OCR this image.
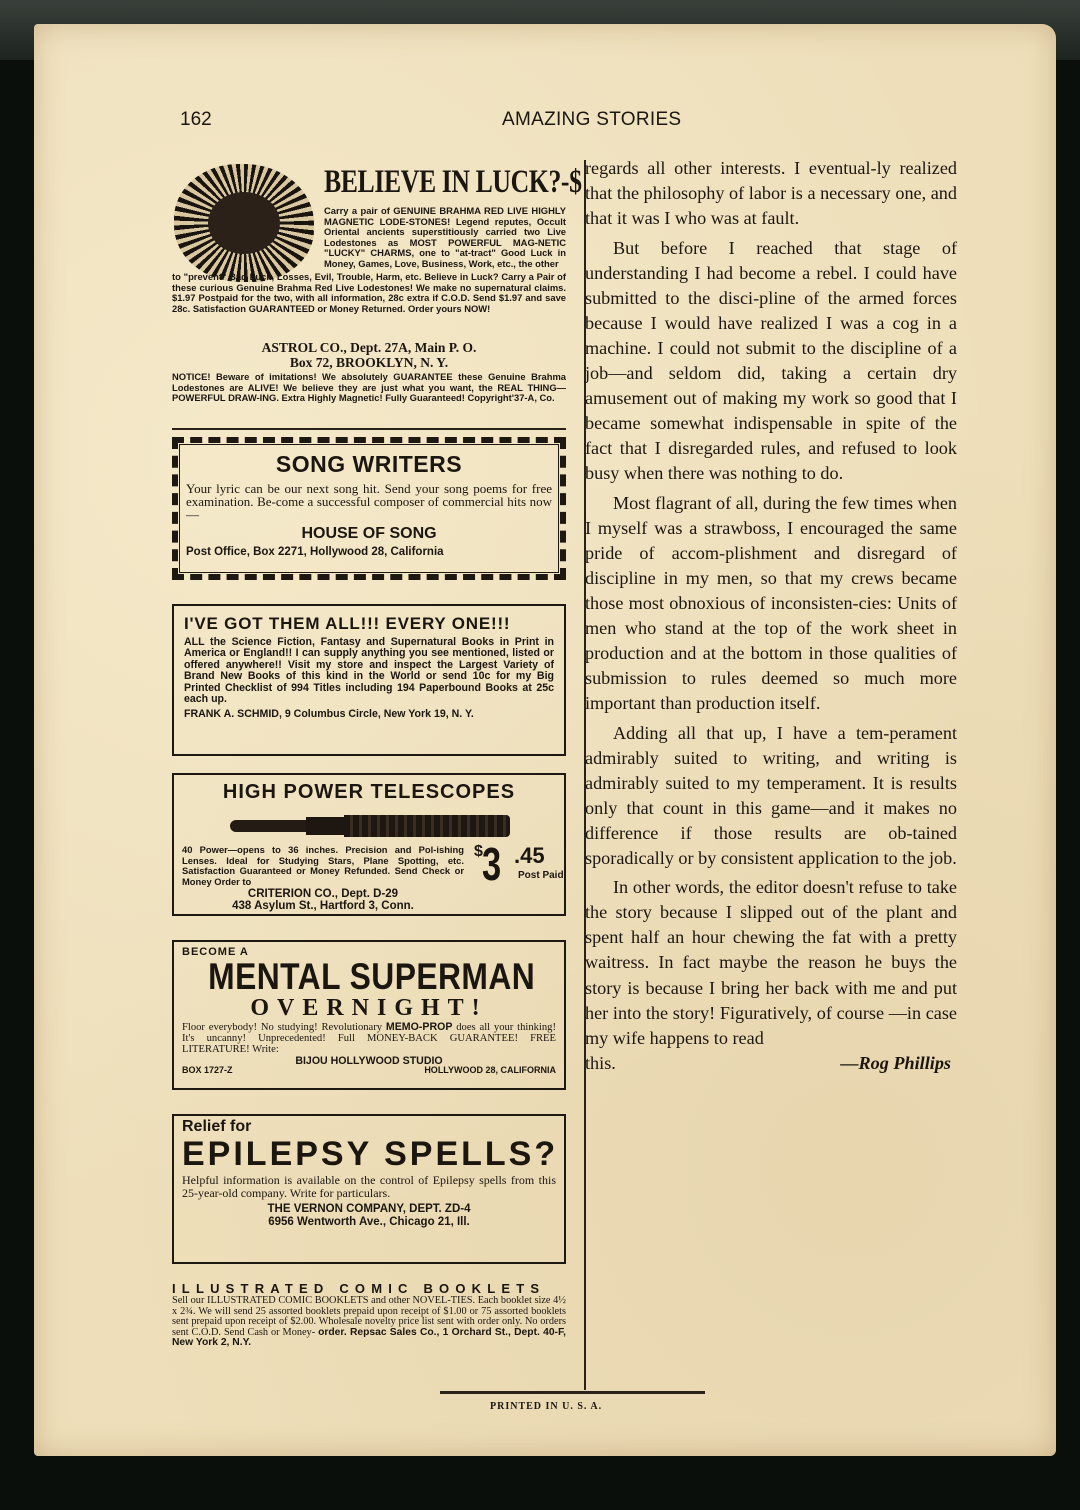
162	AMAZING STORIES
BELIEVE IN LUCK?-$
Carry a pair of GENUINE BRAHMA RED LIVE HIGHLY MAGNETIC LODE-STONES! Legend reputes, Occult Oriental ancients superstitiously carried two Live Lodestones as MOST POWERFUL MAG-NETIC "LUCKY" CHARMS, one to "at-tract" Good Luck in Money, Games, Love, Business, Work, etc., the other
to "prevent" Bad Luck, Losses, Evil, Trouble, Harm, etc. Believe in Luck? Carry a Pair of these curious Genuine Brahma Red Live Lodestones! We make no supernatural claims. $1.97 Postpaid for the two, with all information, 28c extra if C.O.D. Send $1.97 and save 28c. Satisfaction GUARANTEED or Money Returned. Order yours NOW!
ASTROL CO., Dept. 27A, Main P. O.
Box 72, BROOKLYN, N. Y.
NOTICE! Beware of imitations! We absolutely GUARANTEE these Genuine Brahma Lodestones are ALIVE! We believe they are just what you want, the REAL THING—POWERFUL DRAW-ING. Extra Highly Magnetic! Fully Guaranteed! Copyright'37-A, Co.
SONG WRITERS
Your lyric can be our next song hit. Send your song poems for free examination. Be-come a successful composer of commercial hits now—
HOUSE OF SONG
Post Office, Box 2271, Hollywood 28, California
I'VE GOT THEM ALL!!! EVERY ONE!!!
ALL the Science Fiction, Fantasy and Supernatural Books in Print in America or England!! I can supply anything you see mentioned, listed or offered anywhere!! Visit my store and inspect the Largest Variety of Brand New Books of this kind in the World or send 10c for my Big Printed Checklist of 994 Titles including 194 Paperbound Books at 25c each up.
FRANK A. SCHMID, 9 Columbus Circle, New York 19, N. Y.
HIGH POWER TELESCOPES
40 Power—opens to 36 inches. Precision and Pol-ishing Lenses. Ideal for Studying Stars, Plane Spotting, etc. Satisfaction Guaranteed or Money Refunded. Send Check or Money Order to
CRITERION CO., Dept. D-29
438 Asylum St., Hartford 3, Conn.
$ 3 .45
Post Paid
BECOME A
MENTAL SUPERMAN
OVERNIGHT!
Floor everybody! No studying! Revolutionary MEMO-PROP does all your thinking! It's uncanny! Unprecedented! Full MONEY-BACK GUARANTEE! FREE LITERATURE! Write:
BIJOU HOLLYWOOD STUDIO
BOX 1727-Z	HOLLYWOOD 28, CALIFORNIA
Relief for
EPILEPSY SPELLS?
Helpful information is available on the control of Epilepsy spells from this 25-year-old company. Write for particulars.
THE VERNON COMPANY, DEPT. ZD-4
6956 Wentworth Ave., Chicago 21, Ill.
ILLUSTRATED COMIC BOOKLETS
Sell our ILLUSTRATED COMIC BOOKLETS and other NOVEL-TIES. Each booklet size 4½ x 2¾. We will send 25 assorted booklets prepaid upon receipt of $1.00 or 75 assorted booklets sent prepaid upon receipt of $2.00. Wholesale novelty price list sent with order only. No orders sent C.O.D. Send Cash or Money- order. Repsac Sales Co., 1 Orchard St., Dept. 40-F, New York 2, N.Y.

regards all other interests. I eventual-ly realized that the philosophy of labor is a necessary one, and that it was I who was at fault.

But before I reached that stage of understanding I had become a rebel. I could have submitted to the disci-pline of the armed forces because I would have realized I was a cog in a machine. I could not submit to the discipline of a job—and seldom did, taking a certain dry amusement out of making my work so good that I became somewhat indispensable in spite of the fact that I disregarded rules, and refused to look busy when there was nothing to do.

Most flagrant of all, during the few times when I myself was a strawboss, I encouraged the same pride of accom-plishment and disregard of discipline in my men, so that my crews became those most obnoxious of inconsisten-cies: Units of men who stand at the top of the work sheet in production and at the bottom in those qualities of submission to rules deemed so much more important than production itself.

Adding all that up, I have a tem-perament admirably suited to writing, and writing is admirably suited to my temperament. It is results only that count in this game—and it makes no difference if those results are ob-tained sporadically or by consistent application to the job.

In other words, the editor doesn't refuse to take the story because I slipped out of the plant and spent half an hour chewing the fat with a pretty waitress. In fact maybe the reason he buys the story is because I bring her back with me and put her into the story! Figuratively, of course —in case my wife happens to read

this.	—Rog Phillips
PRINTED IN U. S. A.
